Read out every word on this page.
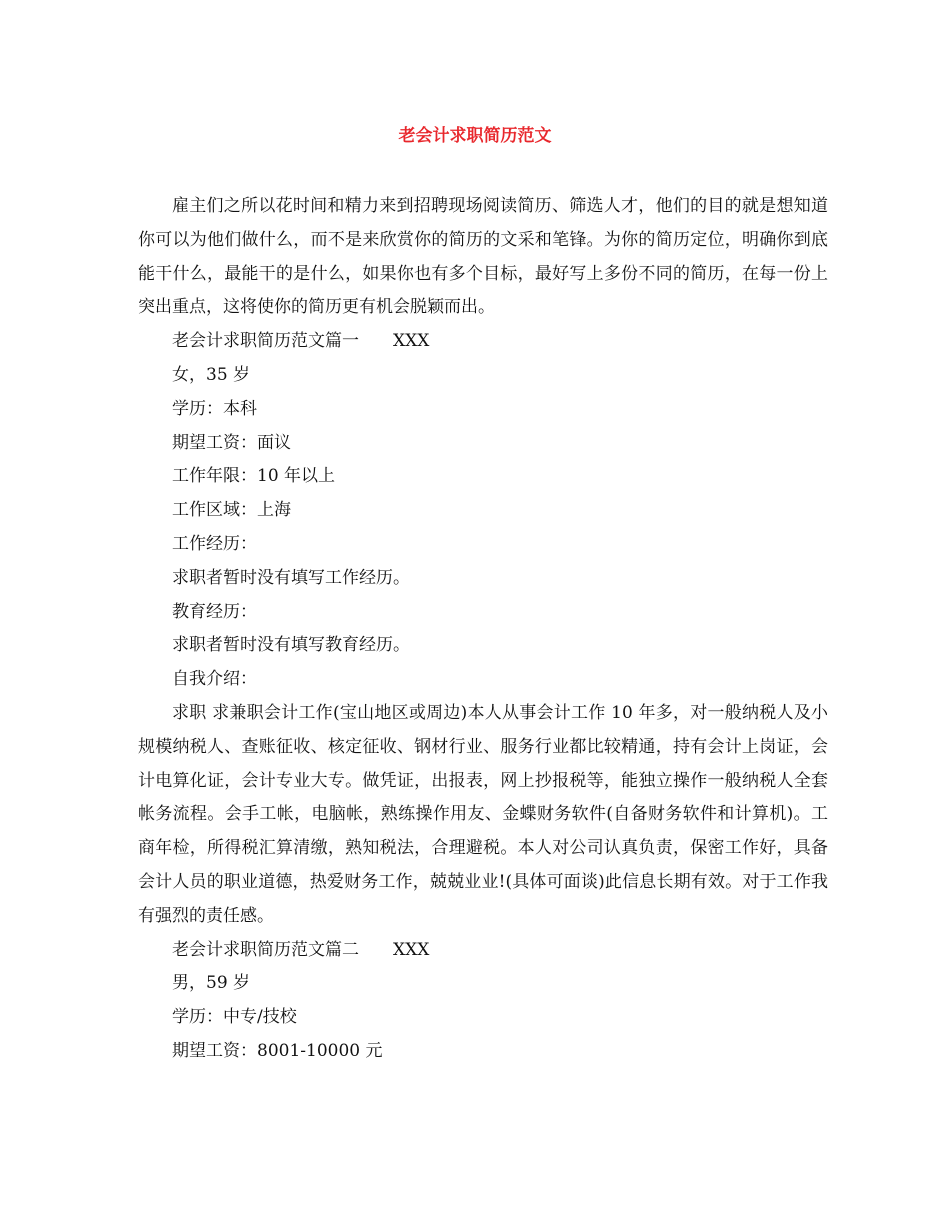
老会计求职简历范文

雇主们之所以花时间和精力来到招聘现场阅读简历、筛选人才，他们的目的就是想知道你可以为他们做什么，而不是来欣赏你的简历的文采和笔锋。为你的简历定位，明确你到底能干什么，最能干的是什么，如果你也有多个目标，最好写上多份不同的简历，在每一份上突出重点，这将使你的简历更有机会脱颖而出。

老会计求职简历范文篇一　　XXX

女，35 岁

学历：本科

期望工资：面议

工作年限：10 年以上

工作区域：上海

工作经历：

求职者暂时没有填写工作经历。

教育经历：

求职者暂时没有填写教育经历。

自我介绍：

求职 求兼职会计工作(宝山地区或周边)本人从事会计工作 10 年多，对一般纳税人及小规模纳税人、查账征收、核定征收、钢材行业、服务行业都比较精通，持有会计上岗证，会计电算化证，会计专业大专。做凭证，出报表，网上抄报税等，能独立操作一般纳税人全套帐务流程。会手工帐，电脑帐，熟练操作用友、金蝶财务软件(自备财务软件和计算机)。工商年检，所得税汇算清缴，熟知税法，合理避税。本人对公司认真负责，保密工作好，具备会计人员的职业道德，热爱财务工作，兢兢业业!(具体可面谈)此信息长期有效。对于工作我有强烈的责任感。

老会计求职简历范文篇二　　XXX

男，59 岁

学历：中专/技校

期望工资：8001-10000 元
